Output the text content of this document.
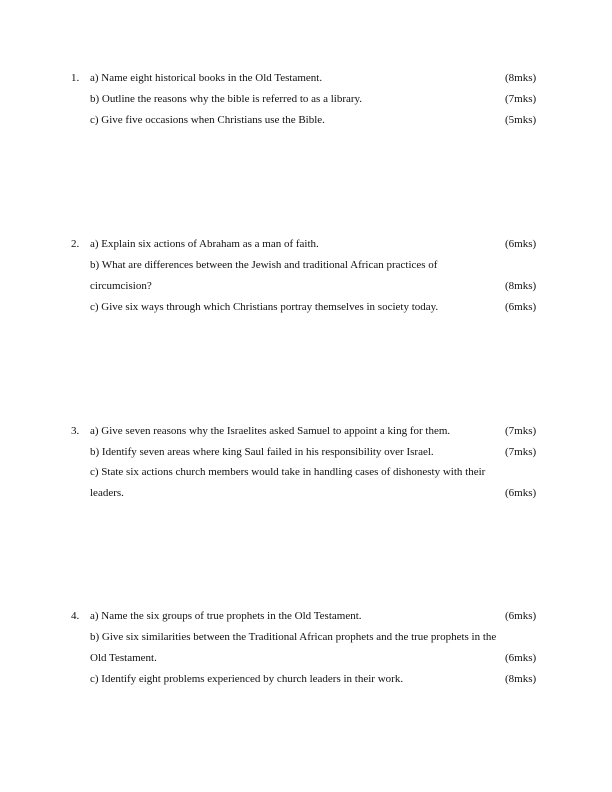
1. a) Name eight historical books in the Old Testament.	(8mks)
b) Outline the reasons why the bible is referred to as a library.	(7mks)
c) Give five occasions when Christians use the Bible.	(5mks)
2. a) Explain six actions of Abraham as a man of faith.	(6mks)
b) What are differences between the Jewish and traditional African practices of
circumcision?	(8mks)
c) Give six ways through which Christians portray themselves in society today.	(6mks)
3. a) Give seven reasons why the Israelites asked Samuel to appoint a king for them.	(7mks)
b) Identify seven areas where king Saul failed in his responsibility over Israel.	(7mks)
c) State six actions church members would take in handling cases of dishonesty with their
leaders.	(6mks)
4. a) Name the six groups of true prophets in the Old Testament.	(6mks)
b) Give six similarities between the Traditional African prophets and the true prophets in the
Old Testament.	(6mks)
c) Identify eight problems experienced by church leaders in their work.	(8mks)
